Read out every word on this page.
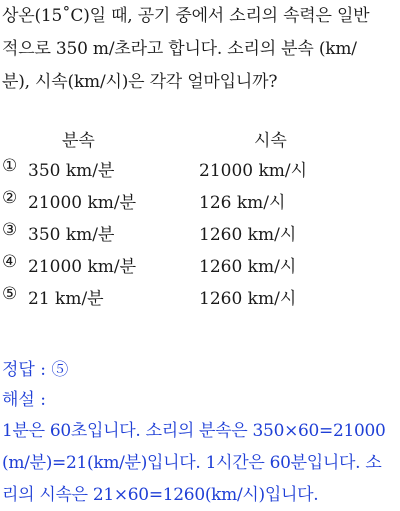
상온(15˚C)일 때, 공기 중에서 소리의 속력은 일반
적으로 350 m/초라고 합니다. 소리의 분속 (km/
분), 시속(km/시)은 각각 얼마입니까?
분속	시속
① 350 km/분	21000 km/시
② 21000 km/분	126 km/시
③ 350 km/분	1260 km/시
④ 21000 km/분	1260 km/시
⑤ 21 km/분	1260 km/시
정답 : ⑤
해설 :
1분은 60초입니다. 소리의 분속은 350×60=21000
(m/분)=21(km/분)입니다. 1시간은 60분입니다. 소
리의 시속은 21×60=1260(km/시)입니다.
